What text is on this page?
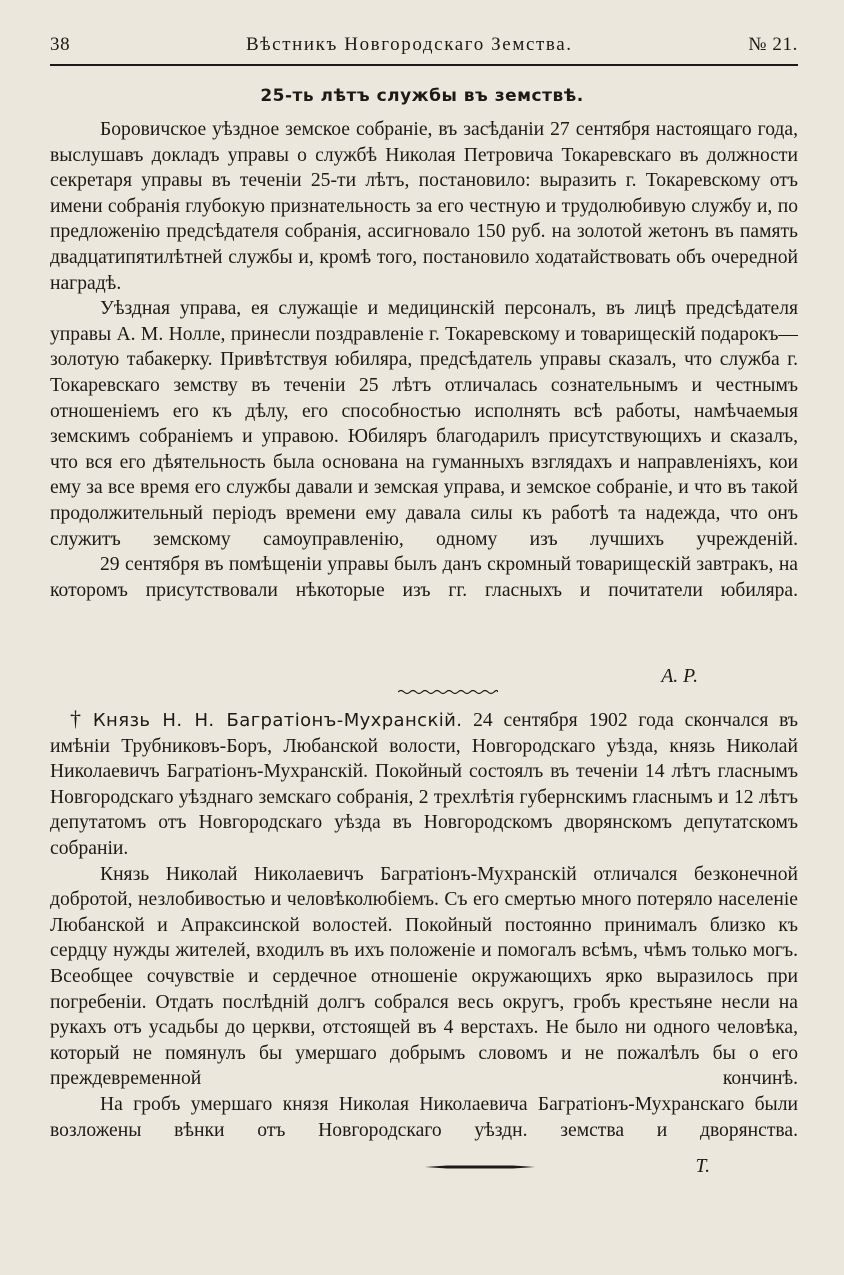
38	Вѣстникъ Новгородскаго Земства.	№ 21.
25-ть лѣтъ службы въ земствѣ.

Боровичское уѣздное земское собраніе, въ засѣданіи 27 сентября настоящаго года, выслушавъ докладъ управы о службѣ Николая Петровича Токаревскаго въ должности секретаря управы въ теченіи 25-ти лѣтъ, постановило: выразить г. Токаревскому отъ имени собранія глубокую признательность за его честную и трудолюбивую службу и, по предложенію предсѣдателя собранія, ассигновало 150 руб. на золотой жетонъ въ память двадцатипятилѣтней службы и, кромѣ того, постановило ходатайствовать объ очередной наградѣ.

Уѣздная управа, ея служащіе и медицинскій персоналъ, въ лицѣ предсѣдателя управы А. М. Нолле, принесли поздравленіе г. Токаревскому и товарищескій подарокъ—золотую табакерку. Привѣтствуя юбиляра, предсѣдатель управы сказалъ, что служба г. Токаревскаго земству въ теченіи 25 лѣтъ отличалась сознательнымъ и честнымъ отношеніемъ его къ дѣлу, его способностью исполнять всѣ работы, намѣчаемыя земскимъ собраніемъ и управою. Юбиляръ благодарилъ присутствующихъ и сказалъ, что вся его дѣятельность была основана на гуманныхъ взглядахъ и направленіяхъ, кои ему за все время его службы давали и земская управа, и земское собраніе, и что въ такой продолжительный періодъ времени ему давала силы къ работѣ та надежда, что онъ служитъ земскому самоуправленію, одному изъ лучшихъ учрежденій.

29 сентября въ помѣщеніи управы былъ данъ скромный товарищескій завтракъ, на которомъ присутствовали нѣкоторые изъ гг. гласныхъ и почитатели юбиляра.

А. Р.

† Князь Н. Н. Багратіонъ-Мухранскій. 24 сентября 1902 года скончался въ имѣніи Трубниковъ-Боръ, Любанской волости, Новгородскаго уѣзда, князь Николай Николаевичъ Багратіонъ-Мухранскій. Покойный состоялъ въ теченіи 14 лѣтъ гласнымъ Новгородскаго уѣзднаго земскаго собранія, 2 трехлѣтія губернскимъ гласнымъ и 12 лѣтъ депутатомъ отъ Новгородскаго уѣзда въ Новгородскомъ дворянскомъ депутатскомъ собраніи.

Князь Николай Николаевичъ Багратіонъ-Мухранскій отличался безконечной добротой, незлобивостью и человѣколюбіемъ. Съ его смертью много потеряло населеніе Любанской и Апраксинской волостей. Покойный постоянно принималъ близко къ сердцу нужды жителей, входилъ въ ихъ положеніе и помогалъ всѣмъ, чѣмъ только могъ. Всеобщее сочувствіе и сердечное отношеніе окружающихъ ярко выразилось при погребеніи. Отдать послѣдній долгъ собрался весь округъ, гробъ крестьяне несли на рукахъ отъ усадьбы до церкви, отстоящей въ 4 верстахъ. Не было ни одного человѣка, который не помянулъ бы умершаго добрымъ словомъ и не пожалѣлъ бы о его преждевременной кончинѣ.

На гробъ умершаго князя Николая Николаевича Багратіонъ-Мухранскаго были возложены вѣнки отъ Новгородскаго уѣздн. земства и дворянства.

Т.
